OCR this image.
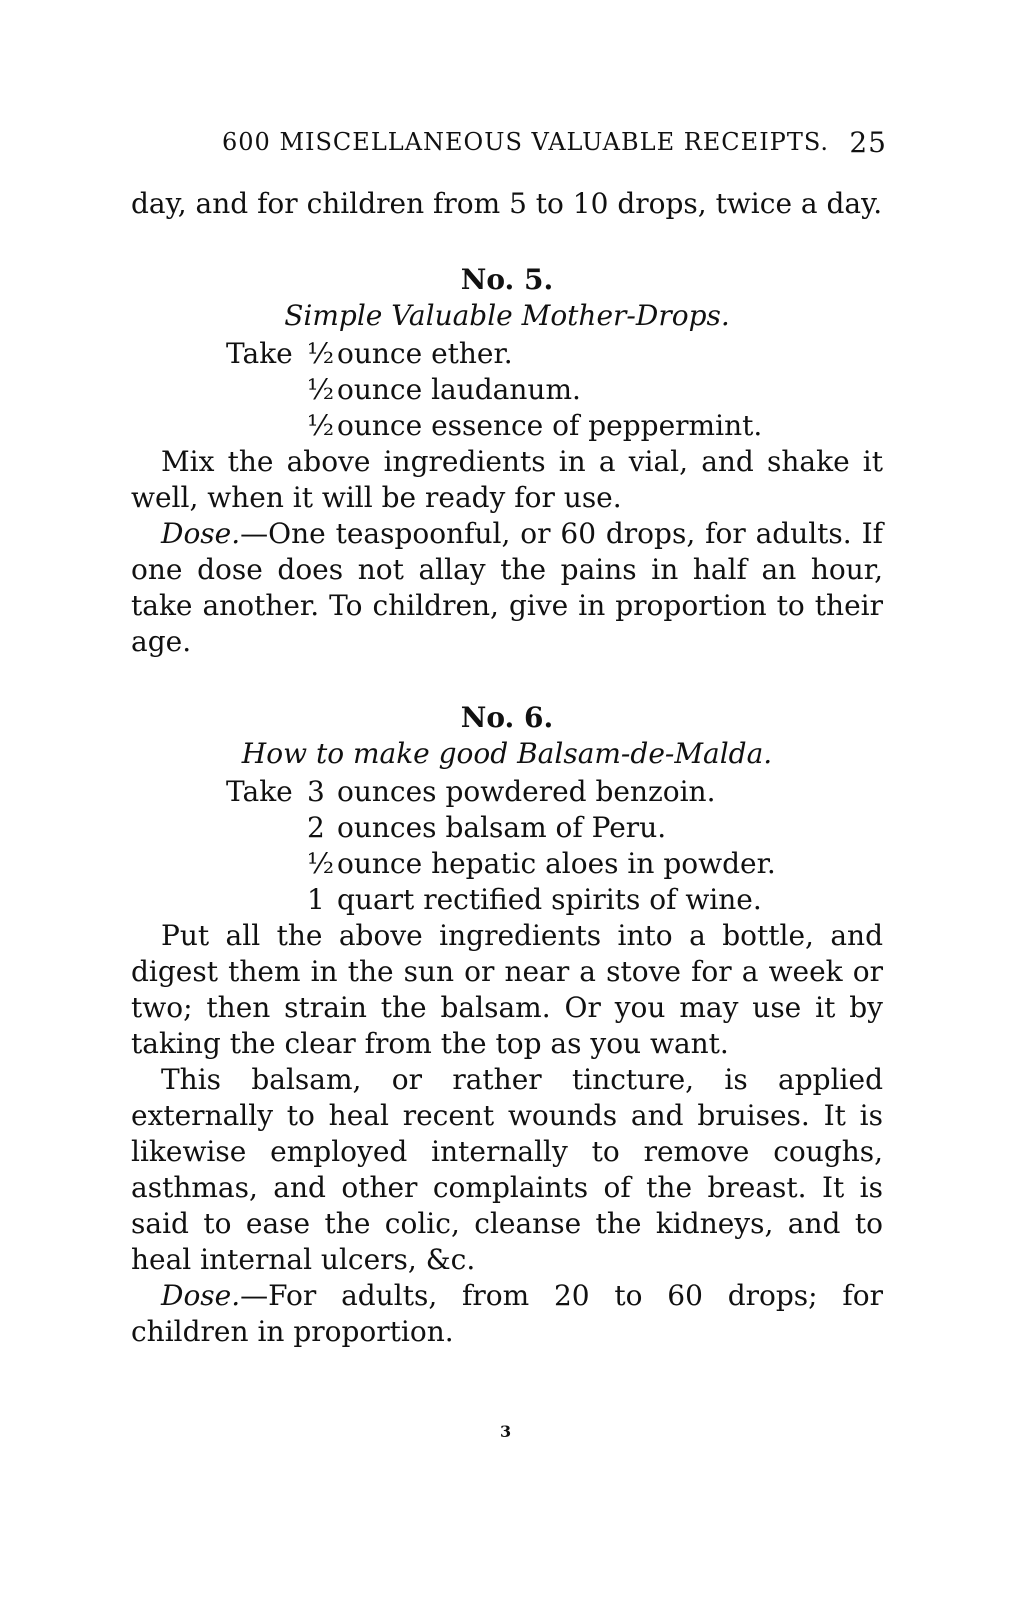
600 MISCELLANEOUS VALUABLE RECEIPTS. 25

day, and for children from 5 to 10 drops, twice a day.

No. 5.

Simple Valuable Mother-Drops.

Take ½ ounce ether.
½ ounce laudanum.
½ ounce essence of peppermint.

Mix the above ingredients in a vial, and shake it well, when it will be ready for use.

Dose.—One teaspoonful, or 60 drops, for adults. If one dose does not allay the pains in half an hour, take another. To children, give in proportion to their age.

No. 6.

How to make good Balsam-de-Malda.

Take 3 ounces powdered benzoin.
2 ounces balsam of Peru.
½ ounce hepatic aloes in powder.
1 quart rectified spirits of wine.

Put all the above ingredients into a bottle, and digest them in the sun or near a stove for a week or two; then strain the balsam. Or you may use it by taking the clear from the top as you want.

This balsam, or rather tincture, is applied externally to heal recent wounds and bruises. It is likewise employed internally to remove coughs, asthmas, and other complaints of the breast. It is said to ease the colic, cleanse the kidneys, and to heal internal ulcers, &c.

Dose.—For adults, from 20 to 60 drops; for children in proportion.

3
